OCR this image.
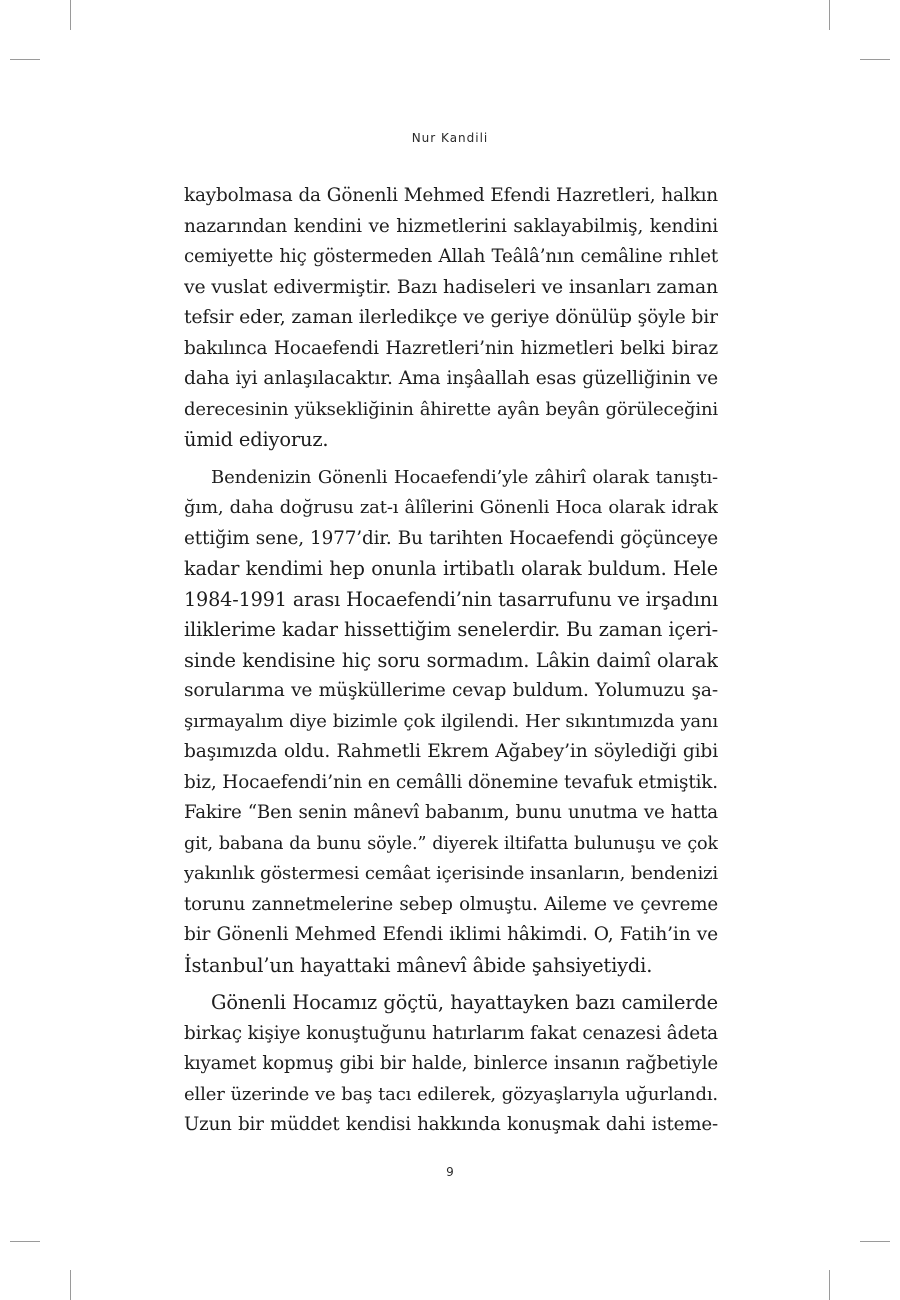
Nur Kandili
kaybolmasa da Gönenli Mehmed Efendi Hazretleri, halkın
nazarından kendini ve hizmetlerini saklayabilmiş, kendini
cemiyette hiç göstermeden Allah Teâlâ’nın cemâline rıhlet
ve vuslat edivermiştir. Bazı hadiseleri ve insanları zaman
tefsir eder, zaman ilerledikçe ve geriye dönülüp şöyle bir
bakılınca Hocaefendi Hazretleri’nin hizmetleri belki biraz
daha iyi anlaşılacaktır. Ama inşâallah esas güzelliğinin ve
derecesinin yüksekliğinin âhirette ayân beyân görüleceğini
ümid ediyoruz.
Bendenizin Gönenli Hocaefendi’yle zâhirî olarak tanıştı-
ğım, daha doğrusu zat-ı âlîlerini Gönenli Hoca olarak idrak
ettiğim sene, 1977’dir. Bu tarihten Hocaefendi göçünceye
kadar kendimi hep onunla irtibatlı olarak buldum. Hele
1984-1991 arası Hocaefendi’nin tasarrufunu ve irşadını
iliklerime kadar hissettiğim senelerdir. Bu zaman içeri-
sinde kendisine hiç soru sormadım. Lâkin daimî olarak
sorularıma ve müşküllerime cevap buldum. Yolumuzu şa-
şırmayalım diye bizimle çok ilgilendi. Her sıkıntımızda yanı
başımızda oldu. Rahmetli Ekrem Ağabey’in söylediği gibi
biz, Hocaefendi’nin en cemâlli dönemine tevafuk etmiştik.
Fakire “Ben senin mânevî babanım, bunu unutma ve hatta
git, babana da bunu söyle.” diyerek iltifatta bulunuşu ve çok
yakınlık göstermesi cemâat içerisinde insanların, bendenizi
torunu zannetmelerine sebep olmuştu. Aileme ve çevreme
bir Gönenli Mehmed Efendi iklimi hâkimdi. O, Fatih’in ve
İstanbul’un hayattaki mânevî âbide şahsiyetiydi.
Gönenli Hocamız göçtü, hayattayken bazı camilerde
birkaç kişiye konuştuğunu hatırlarım fakat cenazesi âdeta
kıyamet kopmuş gibi bir halde, binlerce insanın rağbetiyle
eller üzerinde ve baş tacı edilerek, gözyaşlarıyla uğurlandı.
Uzun bir müddet kendisi hakkında konuşmak dahi isteme-
9
